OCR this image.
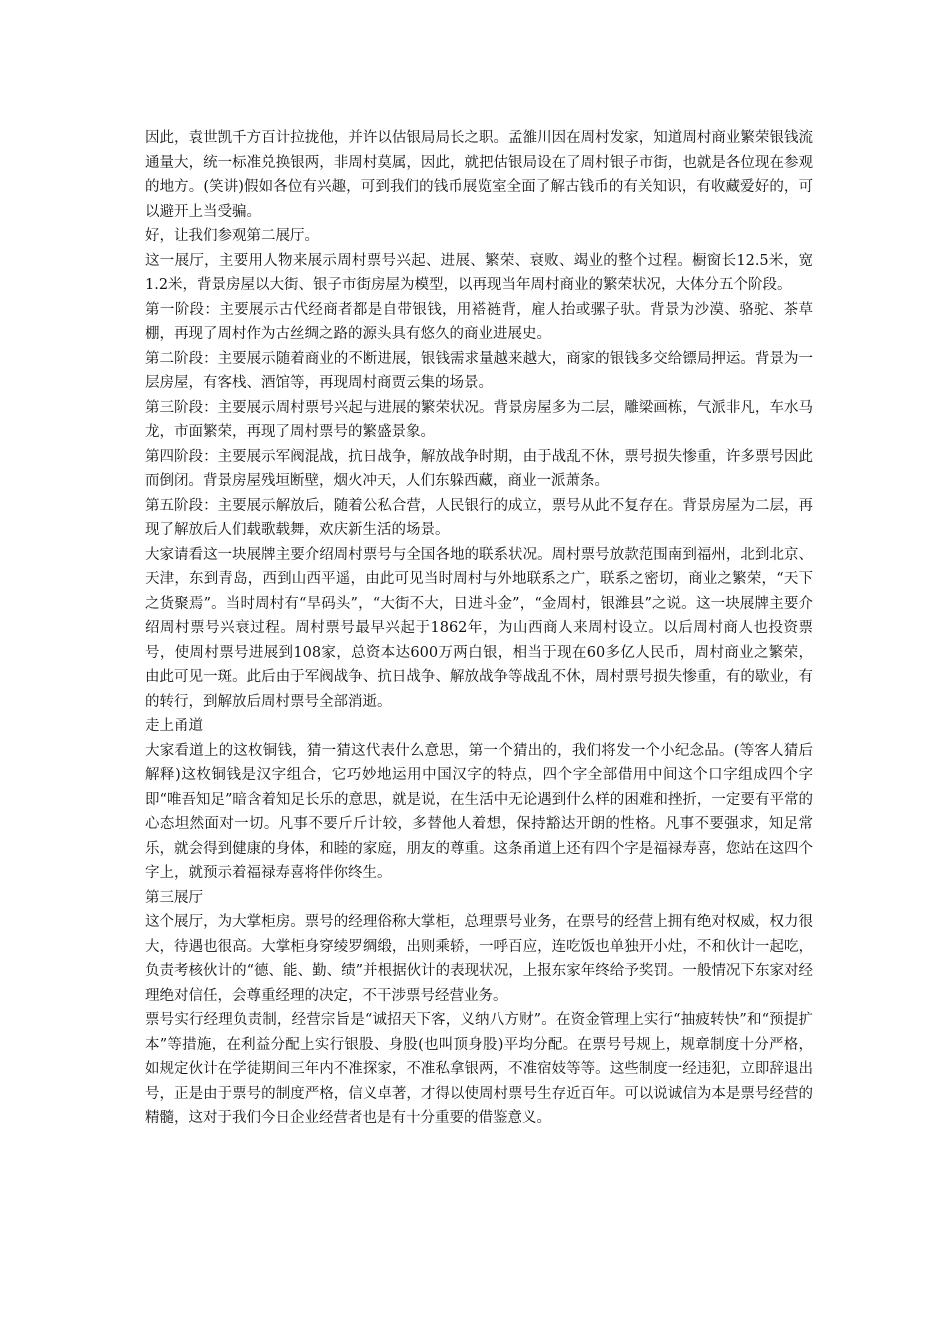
因此，袁世凯千方百计拉拢他，并许以估银局局长之职。孟雒川因在周村发家，知道周村商业繁荣银钱流通量大，统一标准兑换银两，非周村莫属，因此，就把估银局设在了周村银子市街，也就是各位现在参观的地方。(笑讲)假如各位有兴趣，可到我们的钱币展览室全面了解古钱币的有关知识，有收藏爱好的，可以避开上当受骗。

好，让我们参观第二展厅。

这一展厅，主要用人物来展示周村票号兴起、进展、繁荣、衰败、竭业的整个过程。橱窗长12.5米，宽1.2米，背景房屋以大街、银子市街房屋为模型，以再现当年周村商业的繁荣状况，大体分五个阶段。

第一阶段：主要展示古代经商者都是自带银钱，用褡裢背，雇人抬或骡子驮。背景为沙漠、骆驼、茶草棚，再现了周村作为古丝绸之路的源头具有悠久的商业进展史。

第二阶段：主要展示随着商业的不断进展，银钱需求量越来越大，商家的银钱多交给镖局押运。背景为一层房屋，有客栈、酒馆等，再现周村商贾云集的场景。

第三阶段：主要展示周村票号兴起与进展的繁荣状况。背景房屋多为二层，雕梁画栋，气派非凡，车水马龙，市面繁荣，再现了周村票号的繁盛景象。

第四阶段：主要展示军阀混战，抗日战争，解放战争时期，由于战乱不休，票号损失惨重，许多票号因此而倒闭。背景房屋残垣断壁，烟火冲天，人们东躲西藏，商业一派萧条。

第五阶段：主要展示解放后，随着公私合营，人民银行的成立，票号从此不复存在。背景房屋为二层，再现了解放后人们载歌载舞，欢庆新生活的场景。

大家请看这一块展牌主要介绍周村票号与全国各地的联系状况。周村票号放款范围南到福州，北到北京、天津，东到青岛，西到山西平遥，由此可见当时周村与外地联系之广，联系之密切，商业之繁荣，“天下之货聚焉”。当时周村有“旱码头”，“大街不大，日进斗金”，“金周村，银潍县”之说。这一块展牌主要介绍周村票号兴衰过程。周村票号最早兴起于1862年，为山西商人来周村设立。以后周村商人也投资票号，使周村票号进展到108家，总资本达600万两白银，相当于现在60多亿人民币，周村商业之繁荣，由此可见一斑。此后由于军阀战争、抗日战争、解放战争等战乱不休，周村票号损失惨重，有的歇业，有的转行，到解放后周村票号全部消逝。

走上甬道

大家看道上的这枚铜钱，猜一猜这代表什么意思，第一个猜出的，我们将发一个小纪念品。(等客人猜后解释)这枚铜钱是汉字组合，它巧妙地运用中国汉字的特点，四个字全部借用中间这个口字组成四个字即“唯吾知足”暗含着知足长乐的意思，就是说，在生活中无论遇到什么样的困难和挫折，一定要有平常的心态坦然面对一切。凡事不要斤斤计较，多替他人着想，保持豁达开朗的性格。凡事不要强求，知足常乐，就会得到健康的身体，和睦的家庭，朋友的尊重。这条甬道上还有四个字是福禄寿喜，您站在这四个字上，就预示着福禄寿喜将伴你终生。

第三展厅

这个展厅，为大掌柜房。票号的经理俗称大掌柜，总理票号业务，在票号的经营上拥有绝对权威，权力很大，待遇也很高。大掌柜身穿绫罗绸缎，出则乘轿，一呼百应，连吃饭也单独开小灶，不和伙计一起吃，负责考核伙计的“德、能、勤、绩”并根据伙计的表现状况，上报东家年终给予奖罚。一般情况下东家对经理绝对信任，会尊重经理的决定，不干涉票号经营业务。

票号实行经理负责制，经营宗旨是“诚招天下客，义纳八方财”。在资金管理上实行“抽疲转快”和“预提扩本”等措施，在利益分配上实行银股、身股(也叫顶身股)平均分配。在票号号规上，规章制度十分严格，如规定伙计在学徒期间三年内不准探家，不准私拿银两，不准宿妓等等。这些制度一经违犯，立即辞退出号，正是由于票号的制度严格，信义卓著，才得以使周村票号生存近百年。可以说诚信为本是票号经营的精髓，这对于我们今日企业经营者也是有十分重要的借鉴意义。
